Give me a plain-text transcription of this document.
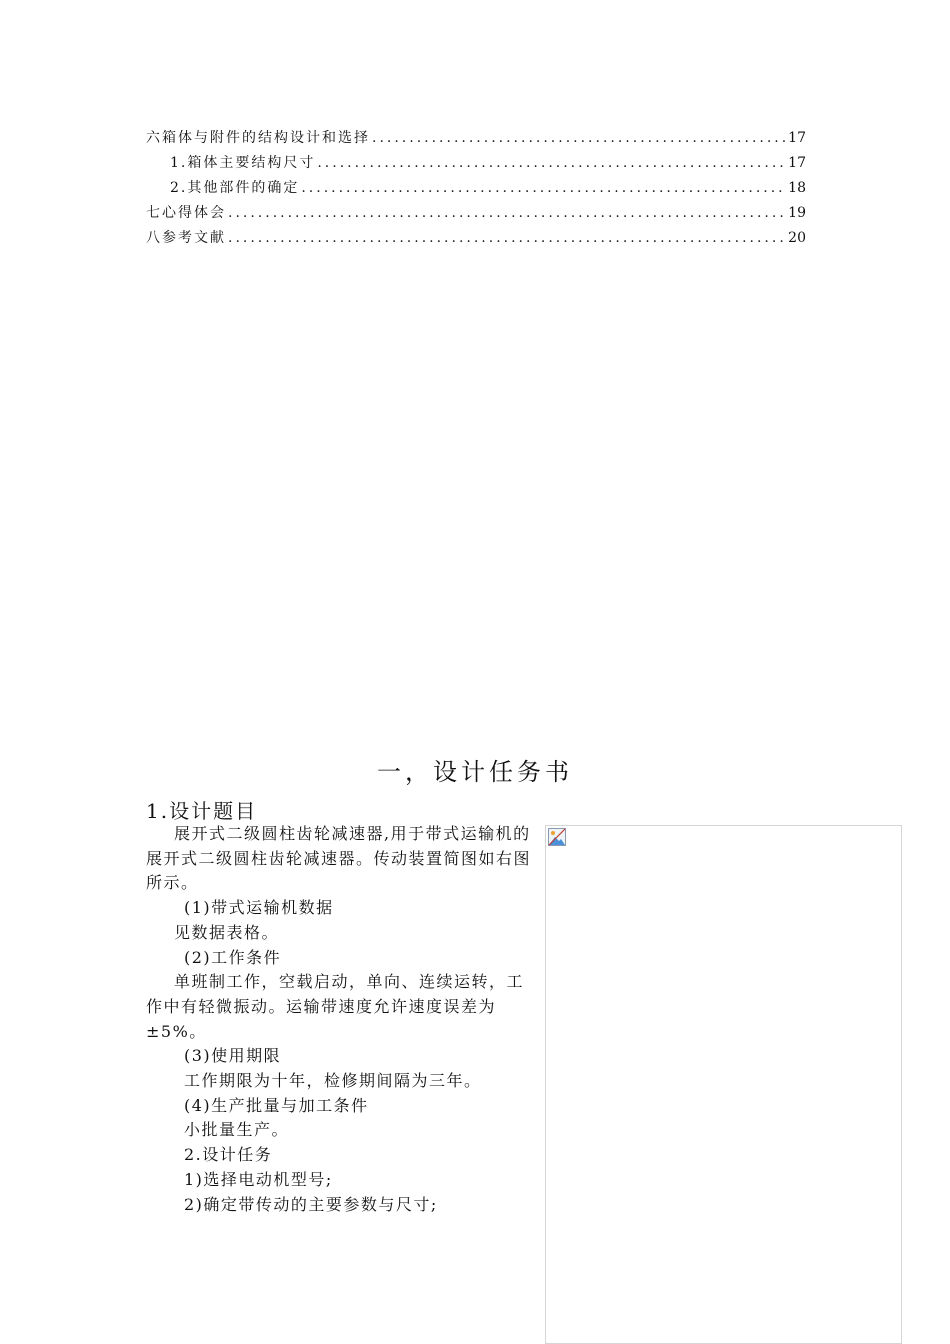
六箱体与附件的结构设计和选择 .....	17
1.箱体主要结构尺寸 .....	17
2.其他部件的确定 .....	18
七心得体会 .....	19
八参考文献 .....	20
一，设计任务书
1.设计题目

展开式二级圆柱齿轮减速器,用于带式运输机的展开式二级圆柱齿轮减速器。传动装置简图如右图所示。

(1)带式运输机数据

见数据表格。

(2)工作条件

单班制工作，空载启动，单向、连续运转，工作中有轻微振动。运输带速度允许速度误差为±5%。

(3)使用期限

工作期限为十年，检修期间隔为三年。

(4)生产批量与加工条件

小批量生产。

2.设计任务

1)选择电动机型号;

2)确定带传动的主要参数与尺寸;
